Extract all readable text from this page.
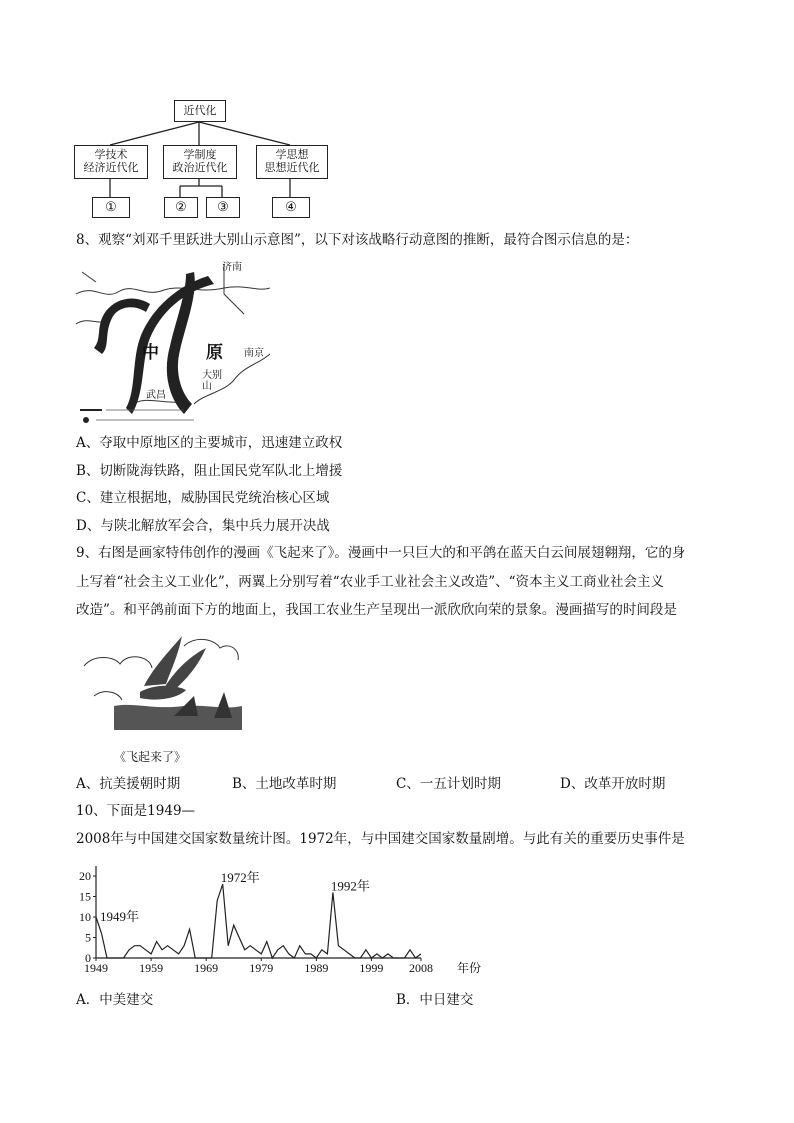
近代化
学技术
经济近代化
学制度
政治近代化
学思想
思想近代化
①	②	③	④
8、观察“刘邓千里跃进大别山示意图”，以下对该战略行动意图的推断，最符合图示信息的是：
济南
中	原 南京
大别山
武昌
A、夺取中原地区的主要城市，迅速建立政权
B、切断陇海铁路，阻止国民党军队北上增援
C、建立根据地，威胁国民党统治核心区域
D、与陕北解放军会合，集中兵力展开决战
9、右图是画家特伟创作的漫画《飞起来了》。漫画中一只巨大的和平鸽在蓝天白云间展翅翱翔，它的身
上写着“社会主义工业化”，两翼上分别写着“农业手工业社会主义改造”、“资本主义工商业社会主义
改造”。和平鸽前面下方的地面上，我国工农业生产呈现出一派欣欣向荣的景象。漫画描写的时间段是
《飞起来了》
A、抗美援朝时期	B、土地改革时期	C、一五计划时期	D、改革开放时期
10、下面是1949—
2008年与中国建交国家数量统计图。1972年，与中国建交国家数量剧增。与此有关的重要历史事件是
0
5
10
15
20
1949	1959	1969	1979	1989	1999 2008 年份
1949年
1972年
1992年
A．中美建交	B．中日建交
